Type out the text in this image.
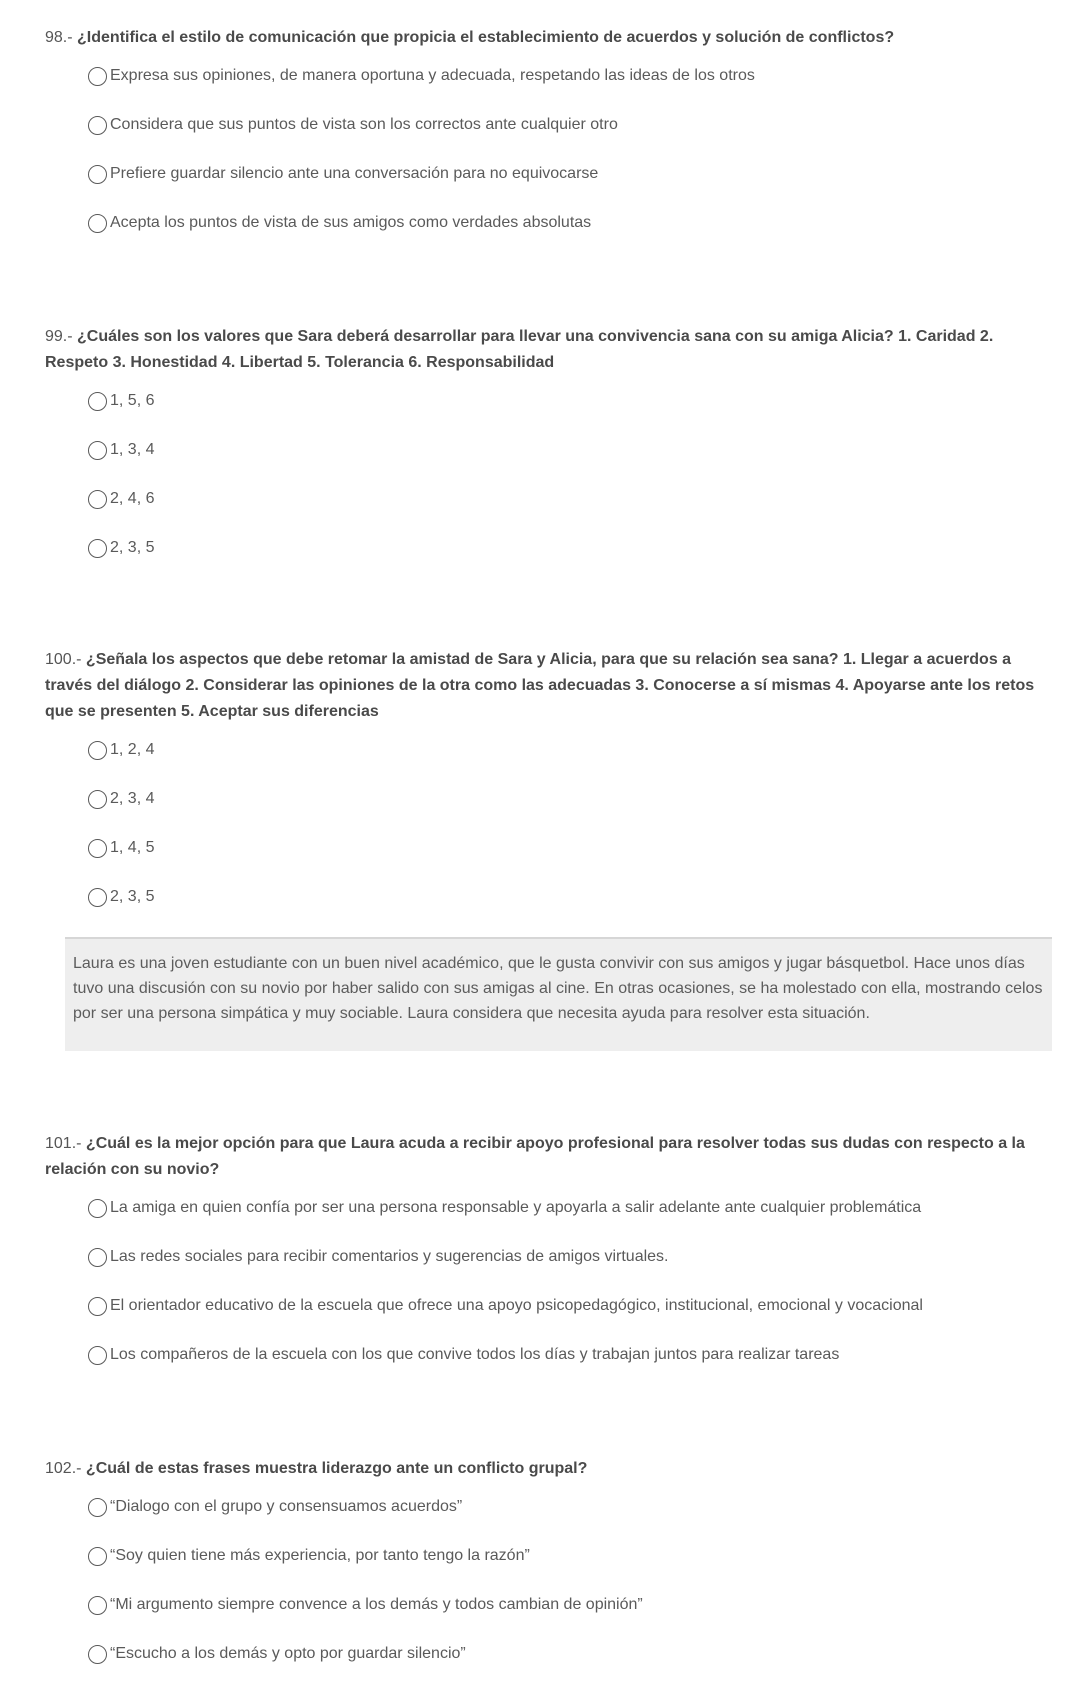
98.- ¿Identifica el estilo de comunicación que propicia el establecimiento de acuerdos y solución de conflictos?

Expresa sus opiniones, de manera oportuna y adecuada, respetando las ideas de los otros
Considera que sus puntos de vista son los correctos ante cualquier otro
Prefiere guardar silencio ante una conversación para no equivocarse
Acepta los puntos de vista de sus amigos como verdades absolutas

99.- ¿Cuáles son los valores que Sara deberá desarrollar para llevar una convivencia sana con su amiga Alicia? 1. Caridad 2. Respeto 3. Honestidad 4. Libertad 5. Tolerancia 6. Responsabilidad

1, 5, 6
1, 3, 4
2, 4, 6
2, 3, 5

100.- ¿Señala los aspectos que debe retomar la amistad de Sara y Alicia, para que su relación sea sana? 1. Llegar a acuerdos a través del diálogo 2. Considerar las opiniones de la otra como las adecuadas 3. Conocerse a sí mismas 4. Apoyarse ante los retos que se presenten 5. Aceptar sus diferencias

1, 2, 4
2, 3, 4
1, 4, 5
2, 3, 5
Laura es una joven estudiante con un buen nivel académico, que le gusta convivir con sus amigos y jugar básquetbol. Hace unos días tuvo una discusión con su novio por haber salido con sus amigas al cine. En otras ocasiones, se ha molestado con ella, mostrando celos por ser una persona simpática y muy sociable. Laura considera que necesita ayuda para resolver esta situación.

101.- ¿Cuál es la mejor opción para que Laura acuda a recibir apoyo profesional para resolver todas sus dudas con respecto a la relación con su novio?

La amiga en quien confía por ser una persona responsable y apoyarla a salir adelante ante cualquier problemática
Las redes sociales para recibir comentarios y sugerencias de amigos virtuales.
El orientador educativo de la escuela que ofrece una apoyo psicopedagógico, institucional, emocional y vocacional
Los compañeros de la escuela con los que convive todos los días y trabajan juntos para realizar tareas

102.- ¿Cuál de estas frases muestra liderazgo ante un conflicto grupal?

“Dialogo con el grupo y consensuamos acuerdos”
“Soy quien tiene más experiencia, por tanto tengo la razón”
“Mi argumento siempre convence a los demás y todos cambian de opinión”
“Escucho a los demás y opto por guardar silencio”
